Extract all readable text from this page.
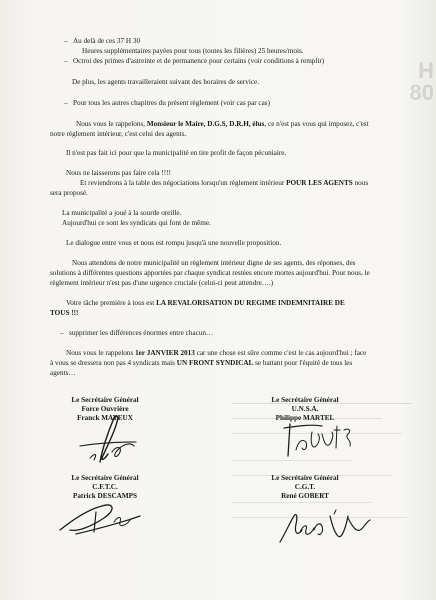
H
80
–   Au delà de ces 37 H 30
Heures supplémentaires payées pour tous (toutes les filières) 25 heures/mois.
–   Octroi des primes d'astreinte et de permanence pour certains (voir conditions à remplir)
De plus, les agents travailleraient suivant des horaires de service.
–   Pour tous les autres chapitres du présent règlement (voir cas par cas)
Nous vous le rappelons, Monsieur le Maire, D.G.S, D.R.H, élus, ce n'est pas vous qui imposez, c'est
notre règlement intérieur, c'est celui des agents.
Il n'est pas fait ici pour que la municipalité en tire profit de façon pécuniaire.
Nous ne laisserons pas faire cela !!!!
Et reviendrons à la table des négociations lorsqu'un règlement intérieur POUR LES AGENTS nous
sera proposé.
La municipalité a joué à la sourde oreille.
Aujourd'hui ce sont les syndicats qui font de même.
Le dialogue entre vous et nous est rompu jusqu'à une nouvelle proposition.
Nous attendons de notre municipalité un règlement intérieur digne de ses agents, des réponses, des
solutions à différentes questions apportées par chaque syndicat restées encore mortes aujourd'hui. Pour nous, le
règlement intérieur n'est pas d'une urgence cruciale (celui-ci peut attendre….)
Votre tâche première à tous est LA REVALORISATION DU REGIME INDEMNITAIRE DE
TOUS !!!
–   supprimer les différences énormes entre chacun…
Nous vous le rappelons 1er JANVIER 2013 car une chose est sûre comme c'est le cas aujourd'hui ; face
à vous se dressera non pas 4 syndicats mais UN FRONT SYNDICAL se battant pour l'équité de tous les
agents…
Le Secrétaire Général
Force Ouvrière
Franck MAYEUX
Le Secrétaire Général
U.N.S.A.
Philippe MARTEL
Le Secrétaire Général
C.F.T.C.
Patrick DESCAMPS
Le Secrétaire Général
C.G.T.
René GOBERT
